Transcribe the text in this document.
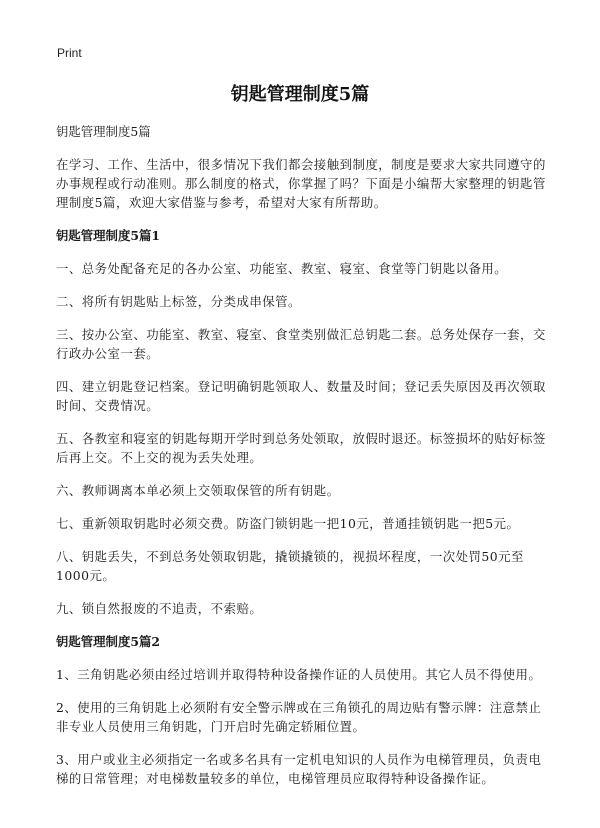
Print
钥匙管理制度5篇

钥匙管理制度5篇

在学习、工作、生活中，很多情况下我们都会接触到制度，制度是要求大家共同遵守的办事规程或行动准则。那么制度的格式，你掌握了吗？下面是小编帮大家整理的钥匙管理制度5篇，欢迎大家借鉴与参考，希望对大家有所帮助。

钥匙管理制度5篇1

一、总务处配备充足的各办公室、功能室、教室、寝室、食堂等门钥匙以备用。

二、将所有钥匙贴上标签，分类成串保管。

三、按办公室、功能室、教室、寝室、食堂类别做汇总钥匙二套。总务处保存一套，交行政办公室一套。

四、建立钥匙登记档案。登记明确钥匙领取人、数量及时间；登记丢失原因及再次领取时间、交费情况。

五、各教室和寝室的钥匙每期开学时到总务处领取，放假时退还。标签损坏的贴好标签后再上交。不上交的视为丢失处理。

六、教师调离本单必须上交领取保管的所有钥匙。

七、重新领取钥匙时必须交费。防盗门锁钥匙一把10元，普通挂锁钥匙一把5元。

八、钥匙丢失，不到总务处领取钥匙，撬锁撬锁的，视损坏程度，一次处罚50元至1000元。

九、锁自然报废的不追责，不索赔。

钥匙管理制度5篇2

1、三角钥匙必须由经过培训并取得特种设备操作证的人员使用。其它人员不得使用。

2、使用的三角钥匙上必须附有安全警示牌或在三角锁孔的周边贴有警示牌：注意禁止非专业人员使用三角钥匙，门开启时先确定轿厢位置。

3、用户或业主必须指定一名或多名具有一定机电知识的人员作为电梯管理员，负责电梯的日常管理；对电梯数量较多的单位，电梯管理员应取得特种设备操作证。
